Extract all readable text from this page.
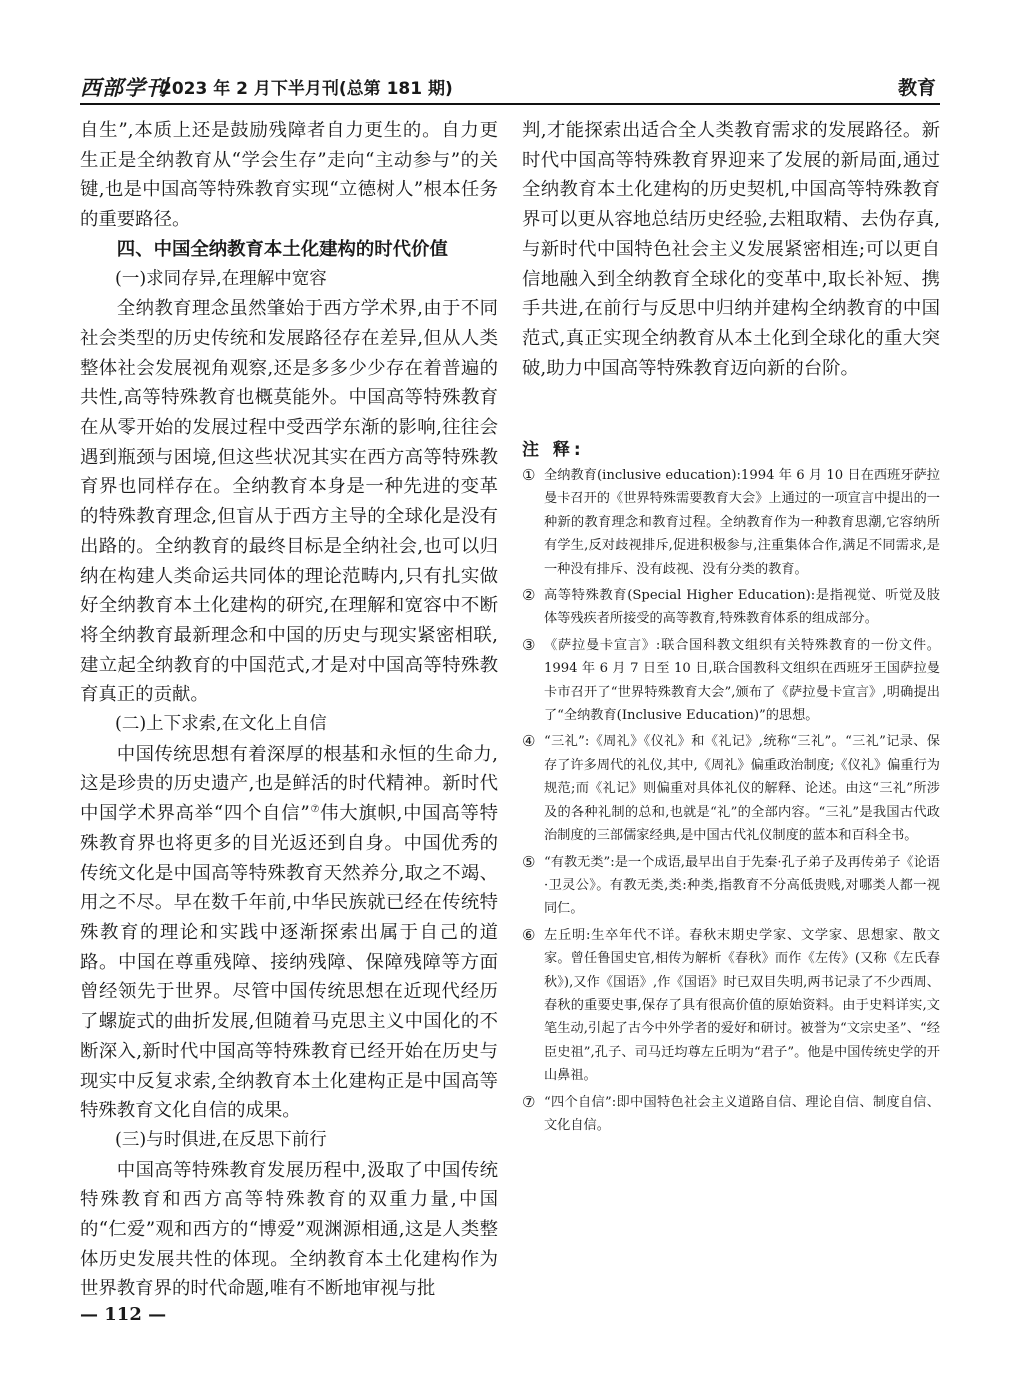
西部学刊
2023 年 2 月下半月刊(总第 181 期)	教育

自生”,本质上还是鼓励残障者自力更生的。自力更生正是全纳教育从“学会生存”走向“主动参与”的关键,也是中国高等特殊教育实现“立德树人”根本任务的重要路径。

四、中国全纳教育本土化建构的时代价值

(一)求同存异,在理解中宽容

全纳教育理念虽然肇始于西方学术界,由于不同社会类型的历史传统和发展路径存在差异,但从人类整体社会发展视角观察,还是多多少少存在着普遍的共性,高等特殊教育也概莫能外。中国高等特殊教育在从零开始的发展过程中受西学东渐的影响,往往会遇到瓶颈与困境,但这些状况其实在西方高等特殊教育界也同样存在。全纳教育本身是一种先进的变革的特殊教育理念,但盲从于西方主导的全球化是没有出路的。全纳教育的最终目标是全纳社会,也可以归纳在构建人类命运共同体的理论范畴内,只有扎实做好全纳教育本土化建构的研究,在理解和宽容中不断将全纳教育最新理念和中国的历史与现实紧密相联,建立起全纳教育的中国范式,才是对中国高等特殊教育真正的贡献。

(二)上下求索,在文化上自信

中国传统思想有着深厚的根基和永恒的生命力,这是珍贵的历史遗产,也是鲜活的时代精神。新时代中国学术界高举“四个自信”⑦伟大旗帜,中国高等特殊教育界也将更多的目光返还到自身。中国优秀的传统文化是中国高等特殊教育天然养分,取之不竭、用之不尽。早在数千年前,中华民族就已经在传统特殊教育的理论和实践中逐渐探索出属于自己的道路。中国在尊重残障、接纳残障、保障残障等方面曾经领先于世界。尽管中国传统思想在近现代经历了螺旋式的曲折发展,但随着马克思主义中国化的不断深入,新时代中国高等特殊教育已经开始在历史与现实中反复求索,全纳教育本土化建构正是中国高等特殊教育文化自信的成果。

(三)与时俱进,在反思下前行

中国高等特殊教育发展历程中,汲取了中国传统特殊教育和西方高等特殊教育的双重力量,中国的“仁爱”观和西方的“博爱”观渊源相通,这是人类整体历史发展共性的体现。全纳教育本土化建构作为世界教育界的时代命题,唯有不断地审视与批

判,才能探索出适合全人类教育需求的发展路径。新时代中国高等特殊教育界迎来了发展的新局面,通过全纳教育本土化建构的历史契机,中国高等特殊教育界可以更从容地总结历史经验,去粗取精、去伪存真,与新时代中国特色社会主义发展紧密相连;可以更自信地融入到全纳教育全球化的变革中,取长补短、携手共进,在前行与反思中归纳并建构全纳教育的中国范式,真正实现全纳教育从本土化到全球化的重大突破,助力中国高等特殊教育迈向新的台阶。

注 释:

① 全纳教育(inclusive education):1994 年 6 月 10 日在西班牙萨拉曼卡召开的《世界特殊需要教育大会》上通过的一项宣言中提出的一种新的教育理念和教育过程。全纳教育作为一种教育思潮,它容纳所有学生,反对歧视排斥,促进积极参与,注重集体合作,满足不同需求,是一种没有排斥、没有歧视、没有分类的教育。

② 高等特殊教育(Special Higher Education):是指视觉、听觉及肢体等残疾者所接受的高等教育,特殊教育体系的组成部分。

③ 《萨拉曼卡宣言》:联合国科教文组织有关特殊教育的一份文件。1994 年 6 月 7 日至 10 日,联合国教科文组织在西班牙王国萨拉曼卡市召开了“世界特殊教育大会”,颁布了《萨拉曼卡宣言》,明确提出了“全纳教育(Inclusive Education)”的思想。

④ “三礼”:《周礼》《仪礼》和《礼记》,统称“三礼”。“三礼”记录、保存了许多周代的礼仪,其中,《周礼》偏重政治制度;《仪礼》偏重行为规范;而《礼记》则偏重对具体礼仪的解释、论述。由这“三礼”所涉及的各种礼制的总和,也就是“礼”的全部内容。“三礼”是我国古代政治制度的三部儒家经典,是中国古代礼仪制度的蓝本和百科全书。

⑤ “有教无类”:是一个成语,最早出自于先秦·孔子弟子及再传弟子《论语·卫灵公》。有教无类,类:种类,指教育不分高低贵贱,对哪类人都一视同仁。

⑥ 左丘明:生卒年代不详。春秋末期史学家、文学家、思想家、散文家。曾任鲁国史官,相传为解析《春秋》而作《左传》(又称《左氏春秋》),又作《国语》,作《国语》时已双目失明,两书记录了不少西周、春秋的重要史事,保存了具有很高价值的原始资料。由于史料详实,文笔生动,引起了古今中外学者的爱好和研讨。被誉为“文宗史圣”、“经臣史祖”,孔子、司马迁均尊左丘明为“君子”。他是中国传统史学的开山鼻祖。

⑦ “四个自信”:即中国特色社会主义道路自信、理论自信、制度自信、文化自信。

— 112 —
